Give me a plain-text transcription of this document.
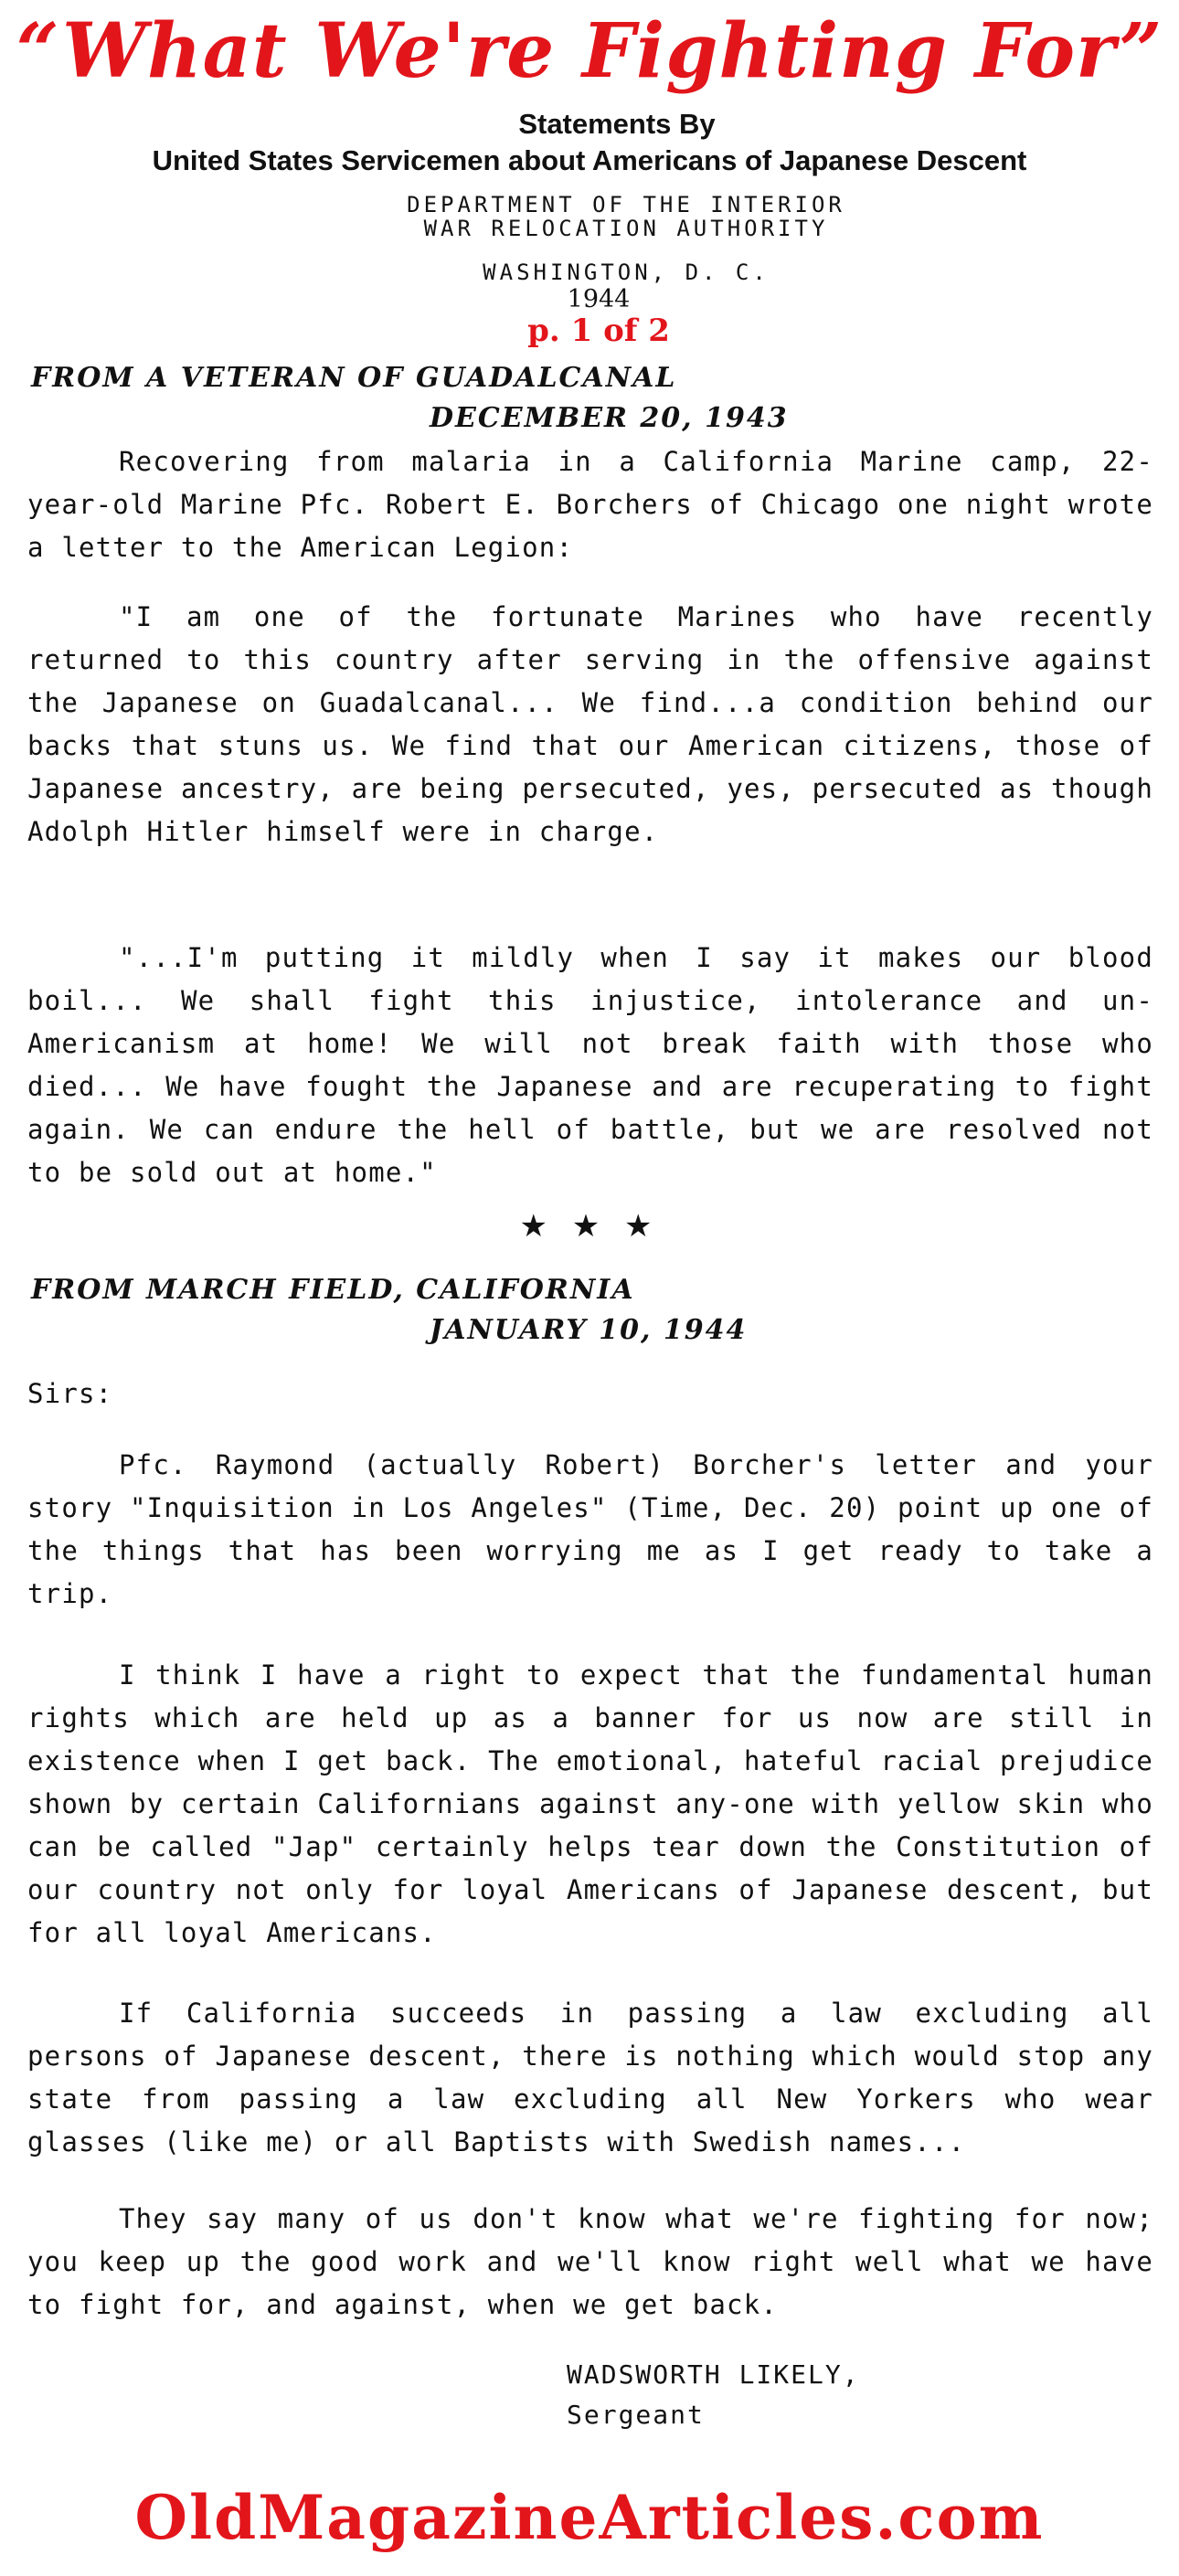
“What We're Fighting For”
Statements By
United States Servicemen about Americans of Japanese Descent
DEPARTMENT OF THE INTERIOR
WAR RELOCATION AUTHORITY
WASHINGTON, D. C.
1944
p. 1 of 2
FROM A VETERAN OF GUADALCANAL
DECEMBER 20, 1943

Recovering from malaria in a California Marine camp, 22-year-old Marine Pfc. Robert E. Borchers of Chicago one night wrote a letter to the American Legion:

"I am one of the fortunate Marines who have recently returned to this country after serving in the offensive against the Japanese on Guadalcanal... We find...a condition behind our backs that stuns us. We find that our American citizens, those of Japanese ancestry, are being persecuted, yes, persecuted as though Adolph Hitler himself were in charge.

"...I'm putting it mildly when I say it makes our blood boil... We shall fight this injustice, intolerance and un-Americanism at home! We will not break faith with those who died... We have fought the Japanese and are recuperating to fight again. We can endure the hell of battle, but we are resolved not to be sold out at home."

★ ★ ★
FROM MARCH FIELD, CALIFORNIA
JANUARY 10, 1944

Sirs:

Pfc. Raymond (actually Robert) Borcher's letter and your story "Inquisition in Los Angeles" (Time, Dec. 20) point up one of the things that has been worrying me as I get ready to take a trip.

I think I have a right to expect that the fundamental human rights which are held up as a banner for us now are still in existence when I get back. The emotional, hateful racial prejudice shown by certain Californians against any-one with yellow skin who can be called "Jap" certainly helps tear down the Constitution of our country not only for loyal Americans of Japanese descent, but for all loyal Americans.

If California succeeds in passing a law excluding all persons of Japanese descent, there is nothing which would stop any state from passing a law excluding all New Yorkers who wear glasses (like me) or all Baptists with Swedish names...

They say many of us don't know what we're fighting for now; you keep up the good work and we'll know right well what we have to fight for, and against, when we get back.

WADSWORTH LIKELY,
Sergeant
OldMagazineArticles.com
